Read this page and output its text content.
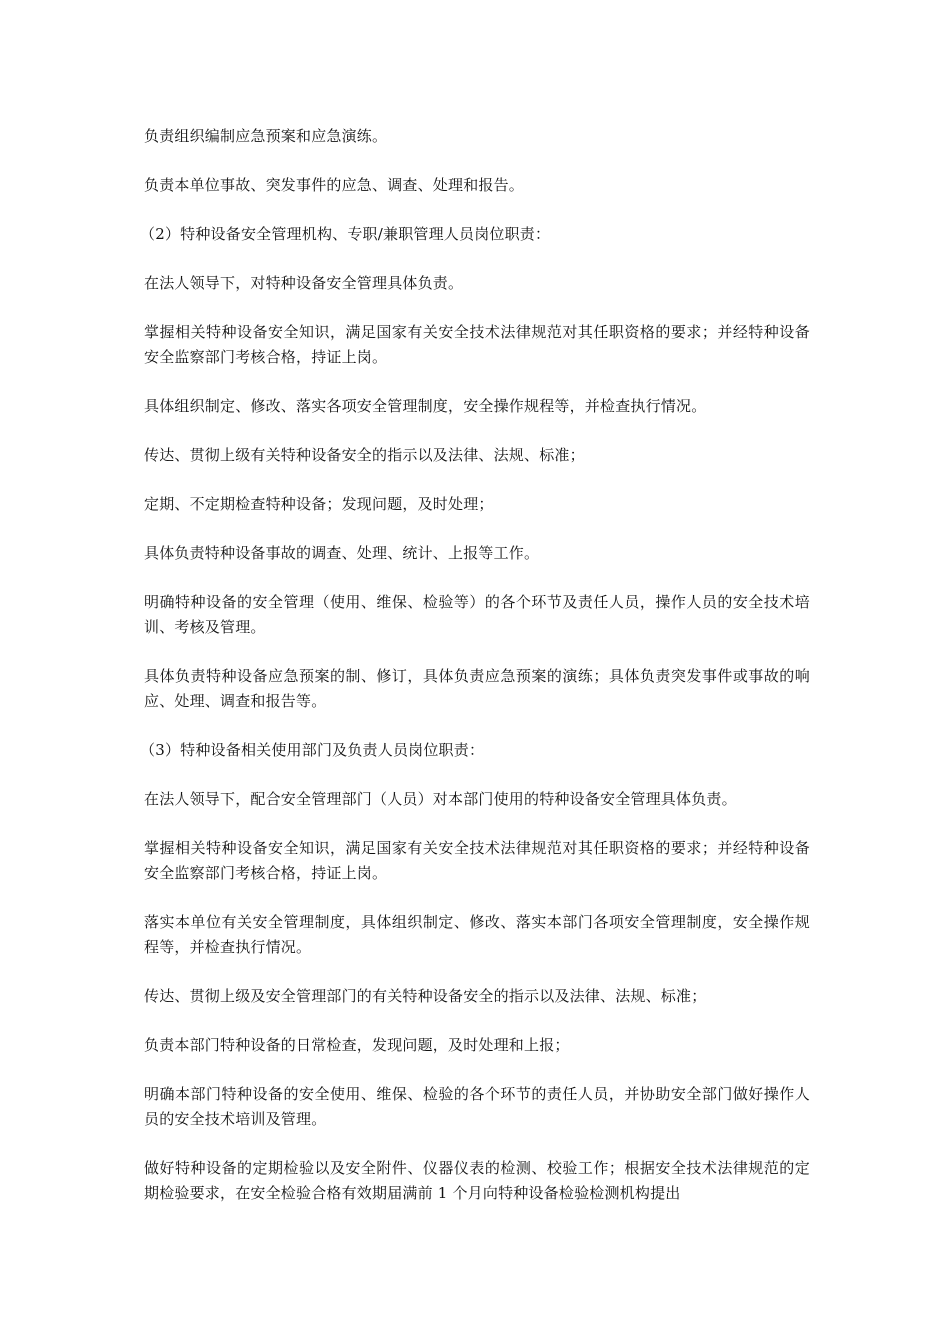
负责组织编制应急预案和应急演练。

负责本单位事故、突发事件的应急、调查、处理和报告。

（2）特种设备安全管理机构、专职/兼职管理人员岗位职责：

在法人领导下，对特种设备安全管理具体负责。

掌握相关特种设备安全知识，满足国家有关安全技术法律规范对其任职资格的要求；并经特种设备安全监察部门考核合格，持证上岗。

具体组织制定、修改、落实各项安全管理制度，安全操作规程等，并检查执行情况。

传达、贯彻上级有关特种设备安全的指示以及法律、法规、标准；

定期、不定期检查特种设备；发现问题，及时处理；

具体负责特种设备事故的调查、处理、统计、上报等工作。

明确特种设备的安全管理（使用、维保、检验等）的各个环节及责任人员，操作人员的安全技术培训、考核及管理。

具体负责特种设备应急预案的制、修订，具体负责应急预案的演练；具体负责突发事件或事故的响应、处理、调查和报告等。

（3）特种设备相关使用部门及负责人员岗位职责：

在法人领导下，配合安全管理部门（人员）对本部门使用的特种设备安全管理具体负责。

掌握相关特种设备安全知识，满足国家有关安全技术法律规范对其任职资格的要求；并经特种设备安全监察部门考核合格，持证上岗。

落实本单位有关安全管理制度，具体组织制定、修改、落实本部门各项安全管理制度，安全操作规程等，并检查执行情况。

传达、贯彻上级及安全管理部门的有关特种设备安全的指示以及法律、法规、标准；

负责本部门特种设备的日常检查，发现问题，及时处理和上报；

明确本部门特种设备的安全使用、维保、检验的各个环节的责任人员，并协助安全部门做好操作人员的安全技术培训及管理。

做好特种设备的定期检验以及安全附件、仪器仪表的检测、校验工作；根据安全技术法律规范的定期检验要求，在安全检验合格有效期届满前 1 个月向特种设备检验检测机构提出
